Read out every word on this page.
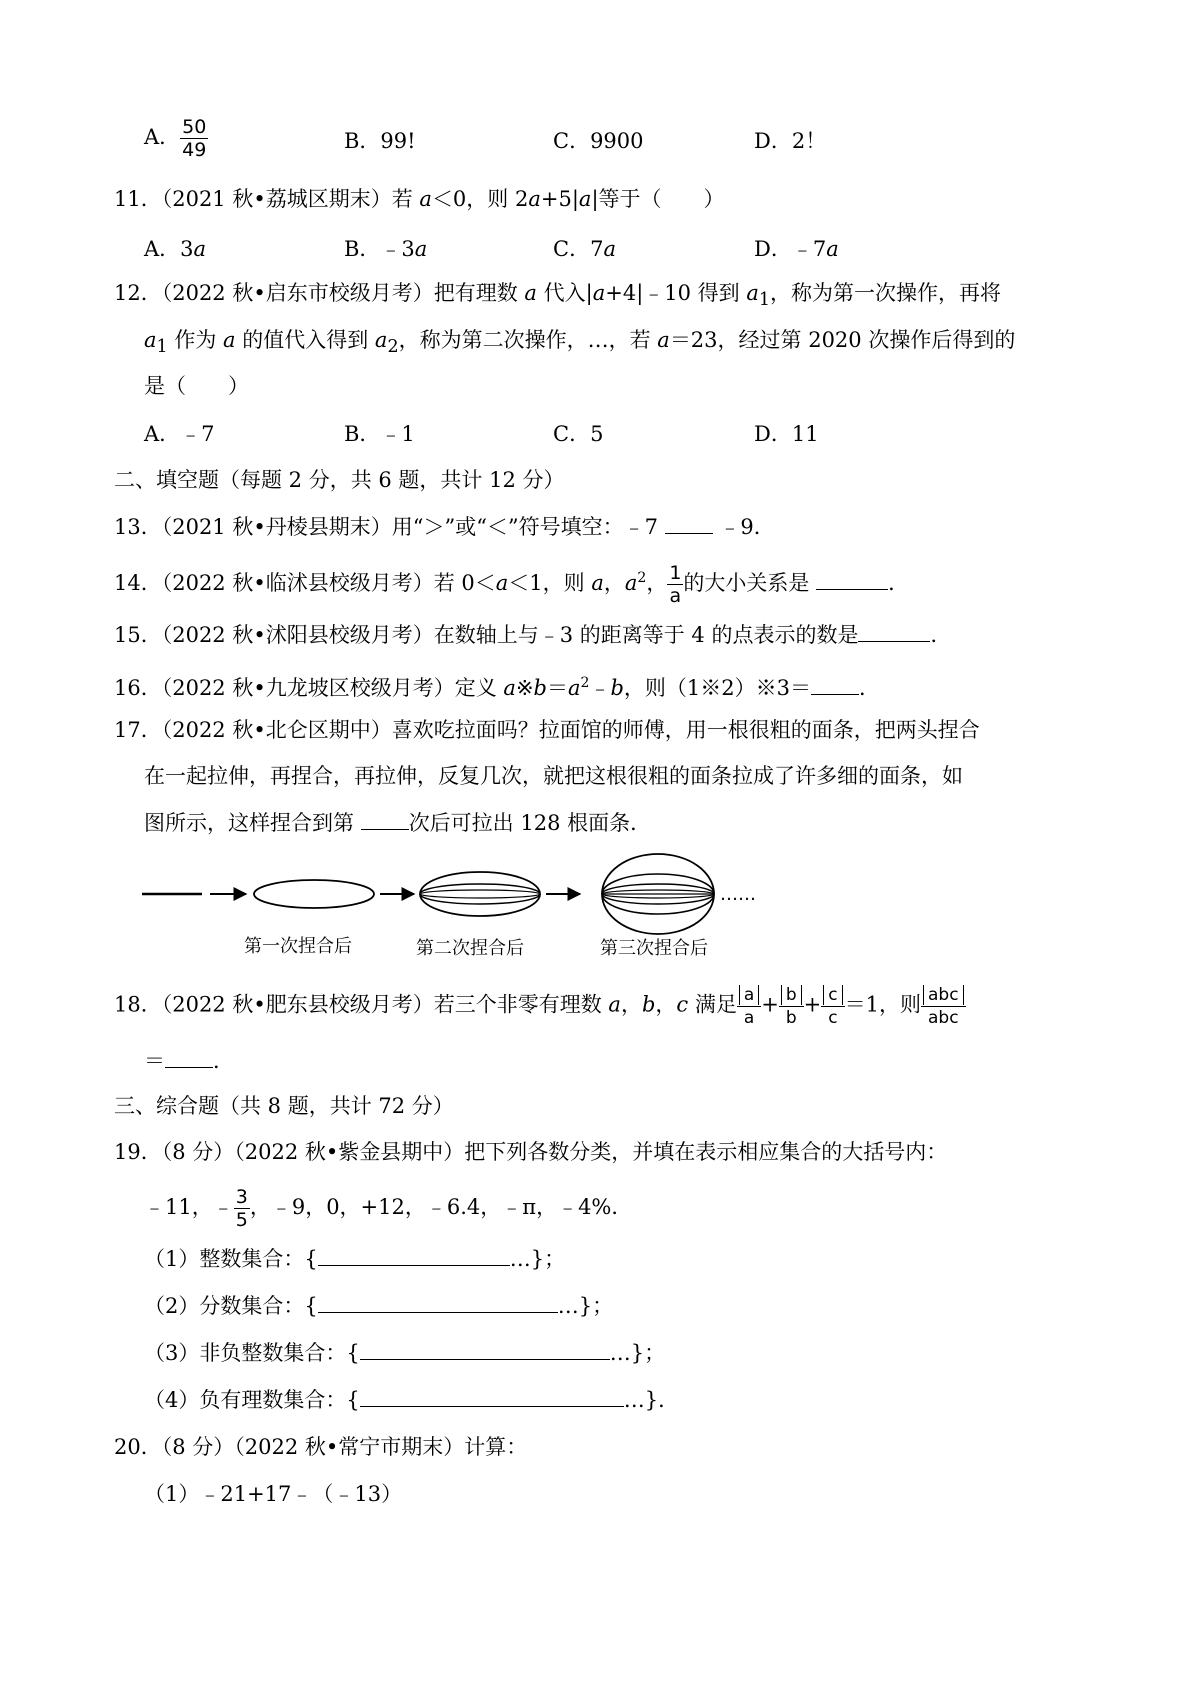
A． $\frac{50}{49}$	B．99!	C．9900	D．2！
11．（2021 秋•荔城区期末）若 a＜0，则 2a+5|a|等于（　　）
A．3a	B．﹣3a	C．7a	D．﹣7a
12．（2022 秋•启东市校级月考）把有理数 a 代入|a+4|﹣10 得到 $a_1$，称为第一次操作，再将
$a_1$ 作为 a 的值代入得到 $a_2$，称为第二次操作，…，若 a＝23，经过第 2020 次操作后得到的
是（　　）
A．﹣7	B．﹣1	C．5	D．11
二、填空题（每题 2 分，共 6 题，共计 12 分）
13．（2021 秋•丹棱县期末）用“＞”或“＜”符号填空：﹣7  ﹣9．
14．（2022 秋•临沭县校级月考）若 0＜a＜1，则 a，$a^2$， $\frac{1}{a}$ 的大小关系是	．
15．（2022 秋•沭阳县校级月考）在数轴上与﹣3 的距离等于 4 的点表示的数是	．
16．（2022 秋•九龙坡区校级月考）定义 $a※b=a^2﹣b$，则（1※2）※3＝ ．
17．（2022 秋•北仑区期中）喜欢吃拉面吗？拉面馆的师傅，用一根很粗的面条，把两头捏合
在一起拉伸，再捏合，再拉伸，反复几次，就把这根很粗的面条拉成了许多细的面条，如
图所示，这样捏合到第 次后可拉出 128 根面条．
……
第一次捏合后	第二次捏合后	第三次捏合后
18．（2022 秋•肥东县校级月考）若三个非零有理数 a，b，c 满足 $\frac{a}{a} + \frac{b}{b} + \frac{c}{c} =1$，则 $\frac{\text{abc}}{\text{abc}}$
＝ ．
三、综合题（共 8 题，共计 72 分）
19．（8 分）（2022 秋•紫金县期中）把下列各数分类，并填在表示相应集合的大括号内：
﹣11，﹣ $\frac{3}{5}$ ，﹣9，0，+12，﹣6.4，﹣π，﹣4%．
（1）整数集合：{	…}；
（2）分数集合：{	…}；
（3）非负整数集合：{	…}；
（4）负有理数集合：{	…}．
20．（8 分）（2022 秋•常宁市期末）计算：
（1）﹣21+17﹣（﹣13）
